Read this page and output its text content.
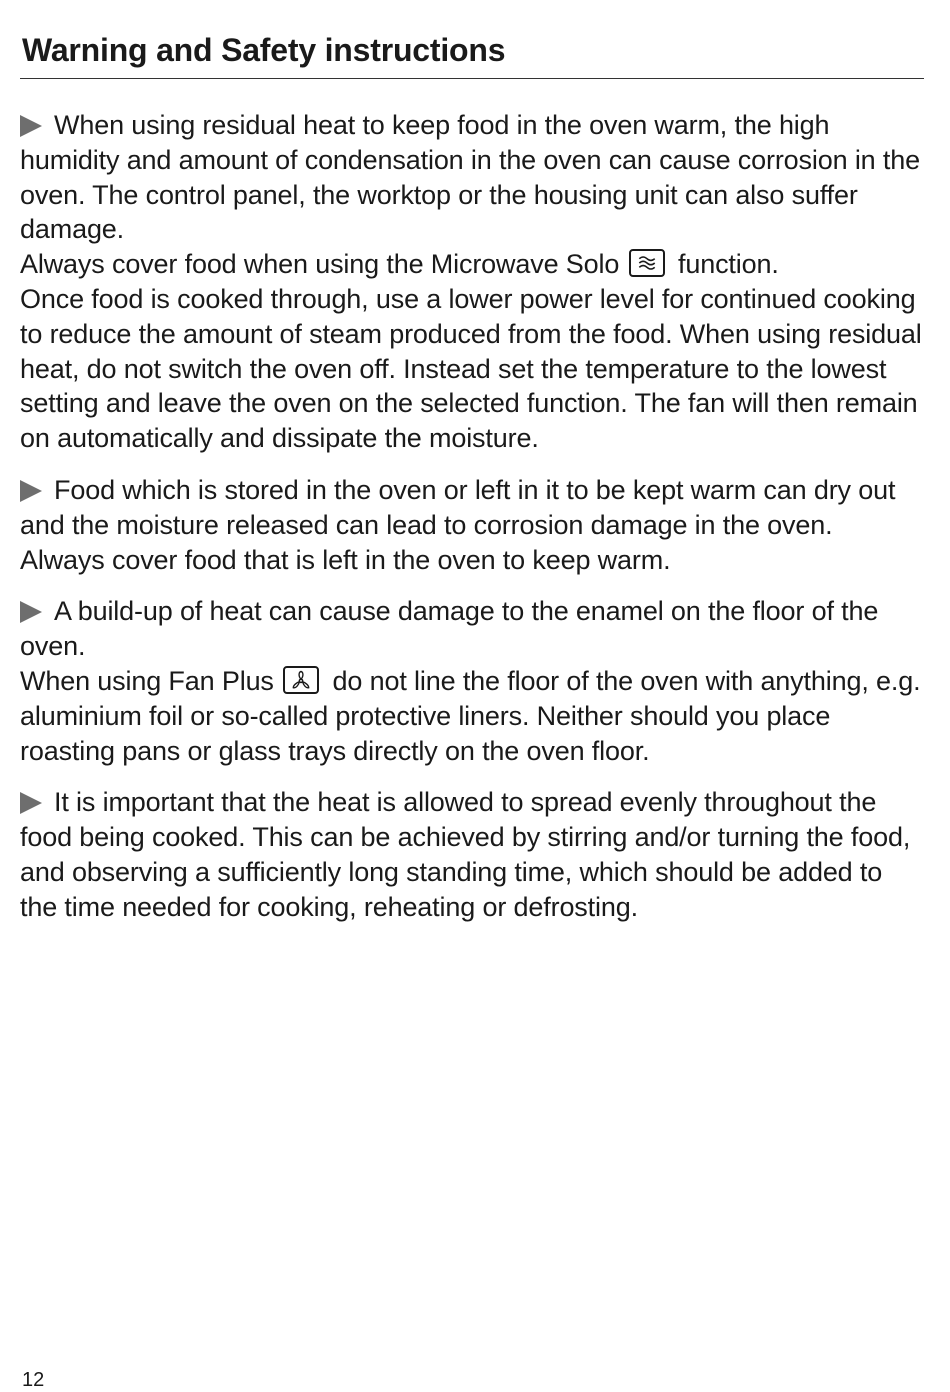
Warning and Safety instructions

When using residual heat to keep food in the oven warm, the high humidity and amount of condensation in the oven can cause corrosion in the oven. The control panel, the worktop or the housing unit can also suffer damage.

Always cover food when using the Microwave Solo function.

Once food is cooked through, use a lower power level for continued cooking to reduce the amount of steam produced from the food. When using residual heat, do not switch the oven off. Instead set the temperature to the lowest setting and leave the oven on the selected function. The fan will then remain on automatically and dissipate the moisture.

Food which is stored in the oven or left in it to be kept warm can dry out and the moisture released can lead to corrosion damage in the oven.

Always cover food that is left in the oven to keep warm.

A build-up of heat can cause damage to the enamel on the floor of the oven.

When using Fan Plus do not line the floor of the oven with anything, e.g. aluminium foil or so-called protective liners. Neither should you place roasting pans or glass trays directly on the oven floor.

It is important that the heat is allowed to spread evenly throughout the food being cooked. This can be achieved by stirring and/or turning the food, and observing a sufficiently long standing time, which should be added to the time needed for cooking, reheating or defrosting.

12
